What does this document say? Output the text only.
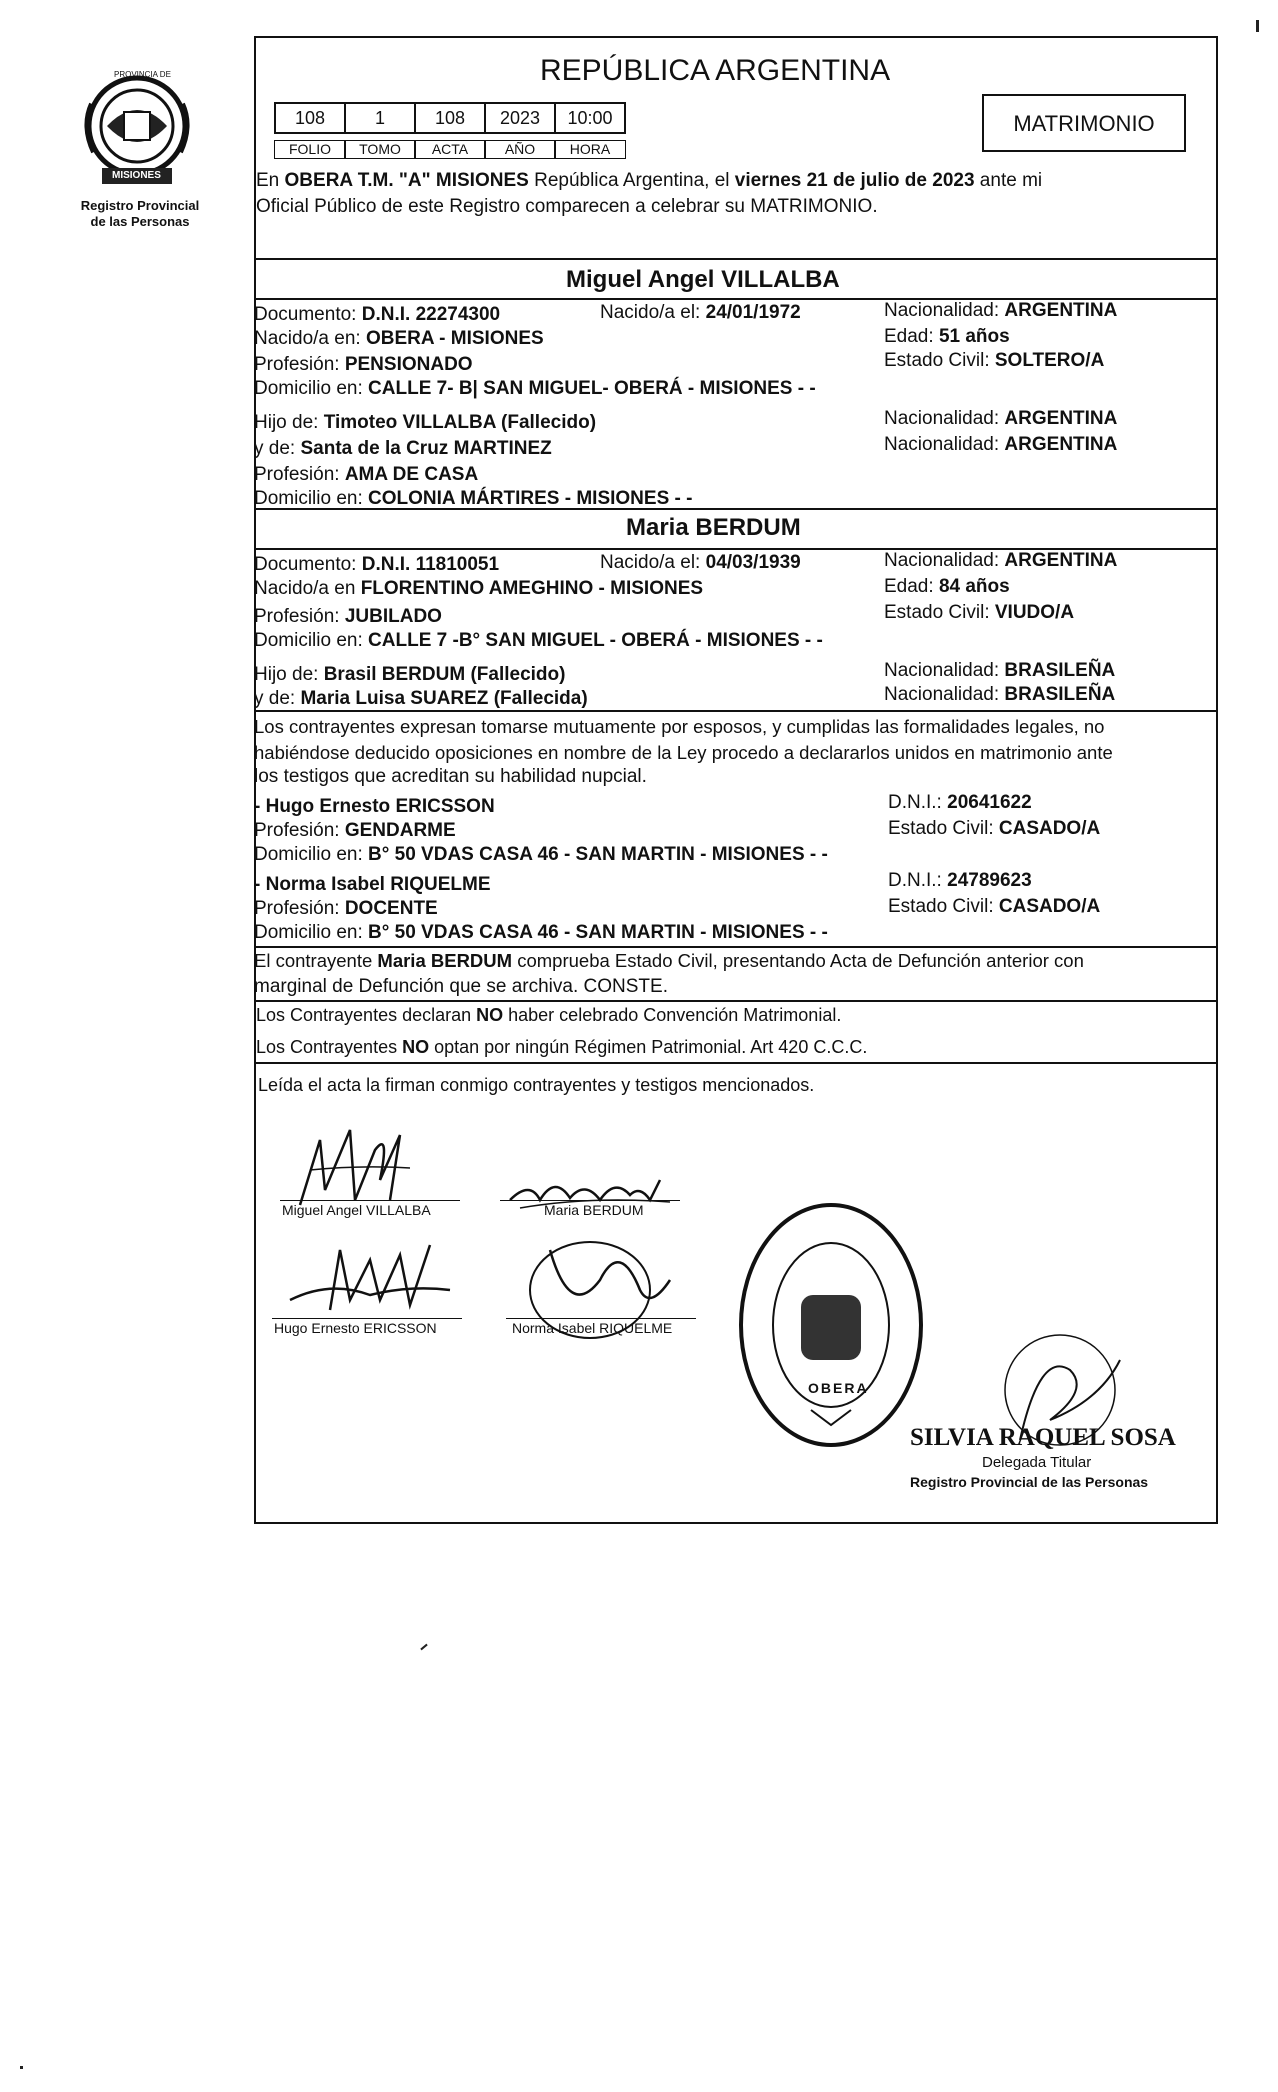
PROVINCIA DE
MISIONES
Registro Provincial
de las Personas
REPÚBLICA ARGENTINA
108	1	108	2023	10:00
FOLIO	TOMO	ACTA	AÑO	HORA
MATRIMONIO
En OBERA T.M. "A" MISIONES República Argentina, el viernes 21 de julio de 2023 ante mi
Oficial Público de este Registro comparecen a celebrar su MATRIMONIO.
Miguel Angel VILLALBA
Documento: D.N.I. 22274300	Nacido/a el: 24/01/1972	Nacionalidad: ARGENTINA
Nacido/a en: OBERA - MISIONES	Edad: 51 años
Profesión: PENSIONADO	Estado Civil: SOLTERO/A
Domicilio en: CALLE 7- B| SAN MIGUEL- OBERÁ - MISIONES - -
Hijo de: Timoteo VILLALBA (Fallecido)	Nacionalidad: ARGENTINA
y de: Santa de la Cruz MARTINEZ	Nacionalidad: ARGENTINA
Profesión: AMA DE CASA
Domicilio en: COLONIA MÁRTIRES - MISIONES - -
Maria BERDUM
Documento: D.N.I. 11810051	Nacido/a el: 04/03/1939	Nacionalidad: ARGENTINA
Nacido/a en FLORENTINO AMEGHINO - MISIONES	Edad: 84 años
Profesión: JUBILADO	Estado Civil: VIUDO/A
Domicilio en: CALLE 7 -B° SAN MIGUEL - OBERÁ - MISIONES - -
Hijo de: Brasil BERDUM (Fallecido)	Nacionalidad: BRASILEÑA
y de: Maria Luisa SUAREZ (Fallecida)	Nacionalidad: BRASILEÑA
Los contrayentes expresan tomarse mutuamente por esposos, y cumplidas las formalidades legales, no
habiéndose deducido oposiciones en nombre de la Ley procedo a declararlos unidos en matrimonio ante
los testigos que acreditan su habilidad nupcial.
- Hugo Ernesto ERICSSON	D.N.I.: 20641622
Profesión: GENDARME	Estado Civil: CASADO/A
Domicilio en: B° 50 VDAS CASA 46 - SAN MARTIN - MISIONES - -
- Norma Isabel RIQUELME	D.N.I.: 24789623
Profesión: DOCENTE	Estado Civil: CASADO/A
Domicilio en: B° 50 VDAS CASA 46 - SAN MARTIN - MISIONES - -
El contrayente Maria BERDUM comprueba Estado Civil, presentando Acta de Defunción anterior con
marginal de Defunción que se archiva. CONSTE.
Los Contrayentes declaran NO haber celebrado Convención Matrimonial.
Los Contrayentes NO optan por ningún Régimen Patrimonial. Art 420 C.C.C.
Leída el acta la firman conmigo contrayentes y testigos mencionados.
Miguel Angel VILLALBA	Maria BERDUM
Hugo Ernesto ERICSSON	Norma Isabel RIQUELME
OBERA
SILVIA RAQUEL SOSA
Delegada Titular
Registro Provincial de las Personas
